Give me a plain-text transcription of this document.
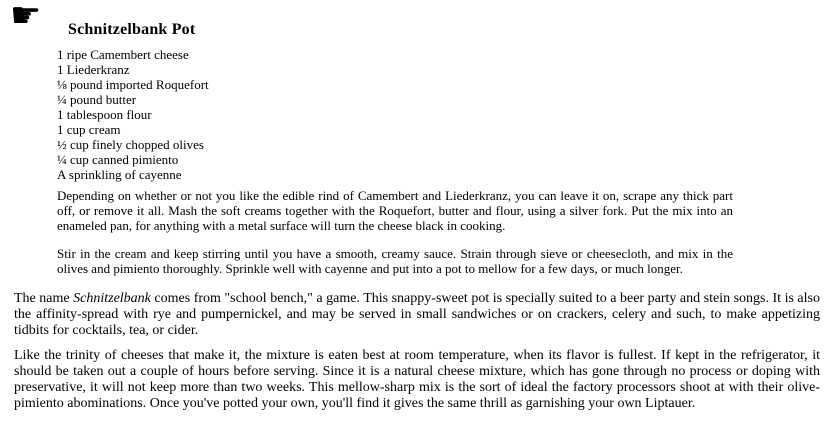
☛ Schnitzelbank Pot
1 ripe Camembert cheese
1 Liederkranz
⅛ pound imported Roquefort
¼ pound butter
1 tablespoon flour
1 cup cream
½ cup finely chopped olives
¼ cup canned pimiento
A sprinkling of cayenne

Depending on whether or not you like the edible rind of Camembert and Liederkranz, you can leave it on, scrape any thick part off, or remove it all. Mash the soft creams together with the Roquefort, butter and flour, using a silver fork. Put the mix into an enameled pan, for anything with a metal surface will turn the cheese black in cooking.

Stir in the cream and keep stirring until you have a smooth, creamy sauce. Strain through sieve or cheesecloth, and mix in the olives and pimiento thoroughly. Sprinkle well with cayenne and put into a pot to mellow for a few days, or much longer.

The name Schnitzelbank comes from "school bench," a game. This snappy-sweet pot is specially suited to a beer party and stein songs. It is also the affinity-spread with rye and pumpernickel, and may be served in small sandwiches or on crackers, celery and such, to make appetizing tidbits for cocktails, tea, or cider.

Like the trinity of cheeses that make it, the mixture is eaten best at room temperature, when its flavor is fullest. If kept in the refrigerator, it should be taken out a couple of hours before serving. Since it is a natural cheese mixture, which has gone through no process or doping with preservative, it will not keep more than two weeks. This mellow-sharp mix is the sort of ideal the factory processors shoot at with their olive-pimiento abominations. Once you've potted your own, you'll find it gives the same thrill as garnishing your own Liptauer.
